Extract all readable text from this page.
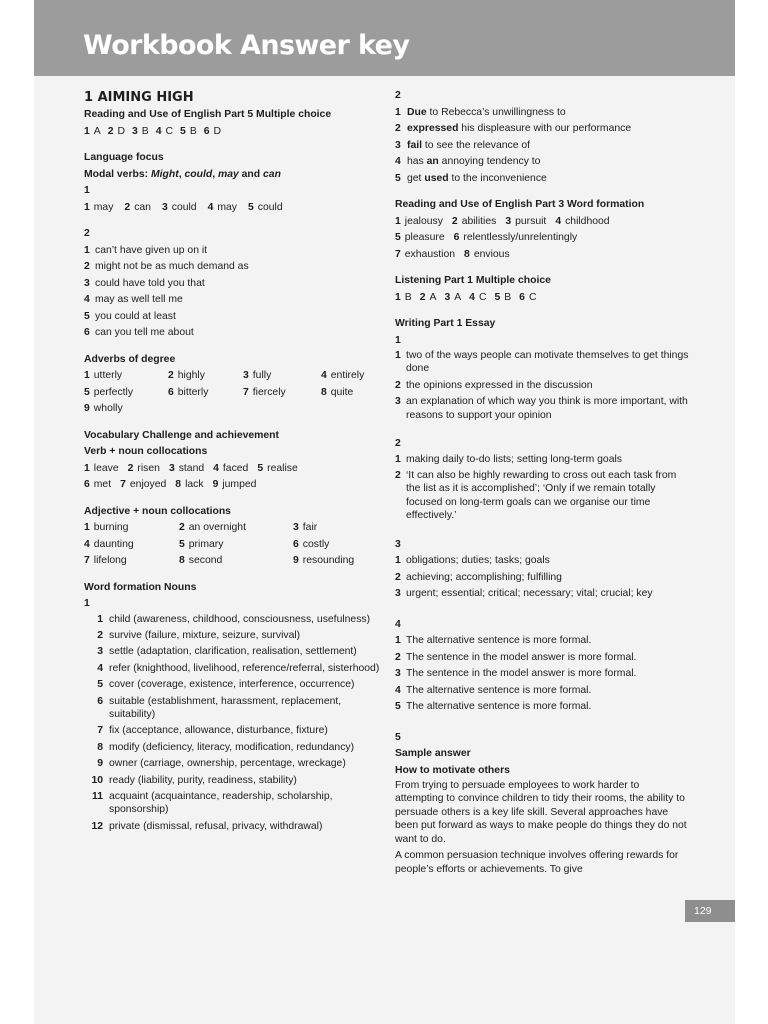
Workbook Answer key
1 AIMING HIGH
Reading and Use of English Part 5 Multiple choice
1 A 2 D 3 B 4 C 5 B 6 D
Language focus
Modal verbs: Might, could, may and can
1
1 may 2 can 3 could 4 may 5 could
2
1 can’t have given up on it
2 might not be as much demand as
3 could have told you that
4 may as well tell me
5 you could at least
6 can you tell me about
Adverbs of degree
1 utterly	2 highly	3 fully	4 entirely
5 perfectly	6 bitterly	7 fiercely	8 quite
9 wholly
Vocabulary Challenge and achievement
Verb + noun collocations
1 leave 2 risen 3 stand 4 faced 5 realise
6 met 7 enjoyed 8 lack 9 jumped
Adjective + noun collocations
1 burning	2 an overnight	3 fair
4 daunting	5 primary	6 costly
7 lifelong	8 second	9 resounding
Word formation Nouns
1
1 child (awareness, childhood, consciousness, usefulness)
2 survive (failure, mixture, seizure, survival)
3 settle (adaptation, clarification, realisation, settlement)
4 refer (knighthood, livelihood, reference/referral, sisterhood)
5 cover (coverage, existence, interference, occurrence)
6 suitable (establishment, harassment, replacement, suitability)
7 fix (acceptance, allowance, disturbance, fixture)
8 modify (deficiency, literacy, modification, redundancy)
9 owner (carriage, ownership, percentage, wreckage)
10 ready (liability, purity, readiness, stability)
11 acquaint (acquaintance, readership, scholarship, sponsorship)
12 private (dismissal, refusal, privacy, withdrawal)
2
1 Due to Rebecca’s unwillingness to
2 expressed his displeasure with our performance
3 fail to see the relevance of
4 has an annoying tendency to
5 get used to the inconvenience
Reading and Use of English Part 3 Word formation
1 jealousy 2 abilities 3 pursuit 4 childhood
5 pleasure 6 relentlessly/unrelentingly
7 exhaustion 8 envious
Listening Part 1 Multiple choice
1 B 2 A 3 A 4 C 5 B 6 C
Writing Part 1 Essay
1
1 two of the ways people can motivate themselves to get things done
2 the opinions expressed in the discussion
3 an explanation of which way you think is more important, with reasons to support your opinion
2
1 making daily to-do lists; setting long-term goals
2 ‘It can also be highly rewarding to cross out each task from the list as it is accomplished’; ‘Only if we remain totally focused on long-term goals can we organise our time effectively.’
3
1 obligations; duties; tasks; goals
2 achieving; accomplishing; fulfilling
3 urgent; essential; critical; necessary; vital; crucial; key
4
1 The alternative sentence is more formal.
2 The sentence in the model answer is more formal.
3 The sentence in the model answer is more formal.
4 The alternative sentence is more formal.
5 The alternative sentence is more formal.
5
Sample answer
How to motivate others
From trying to persuade employees to work harder to attempting to convince children to tidy their rooms, the ability to persuade others is a key life skill. Several approaches have been put forward as ways to make people do things they do not want to do.
A common persuasion technique involves offering rewards for people’s efforts or achievements. To give
129
